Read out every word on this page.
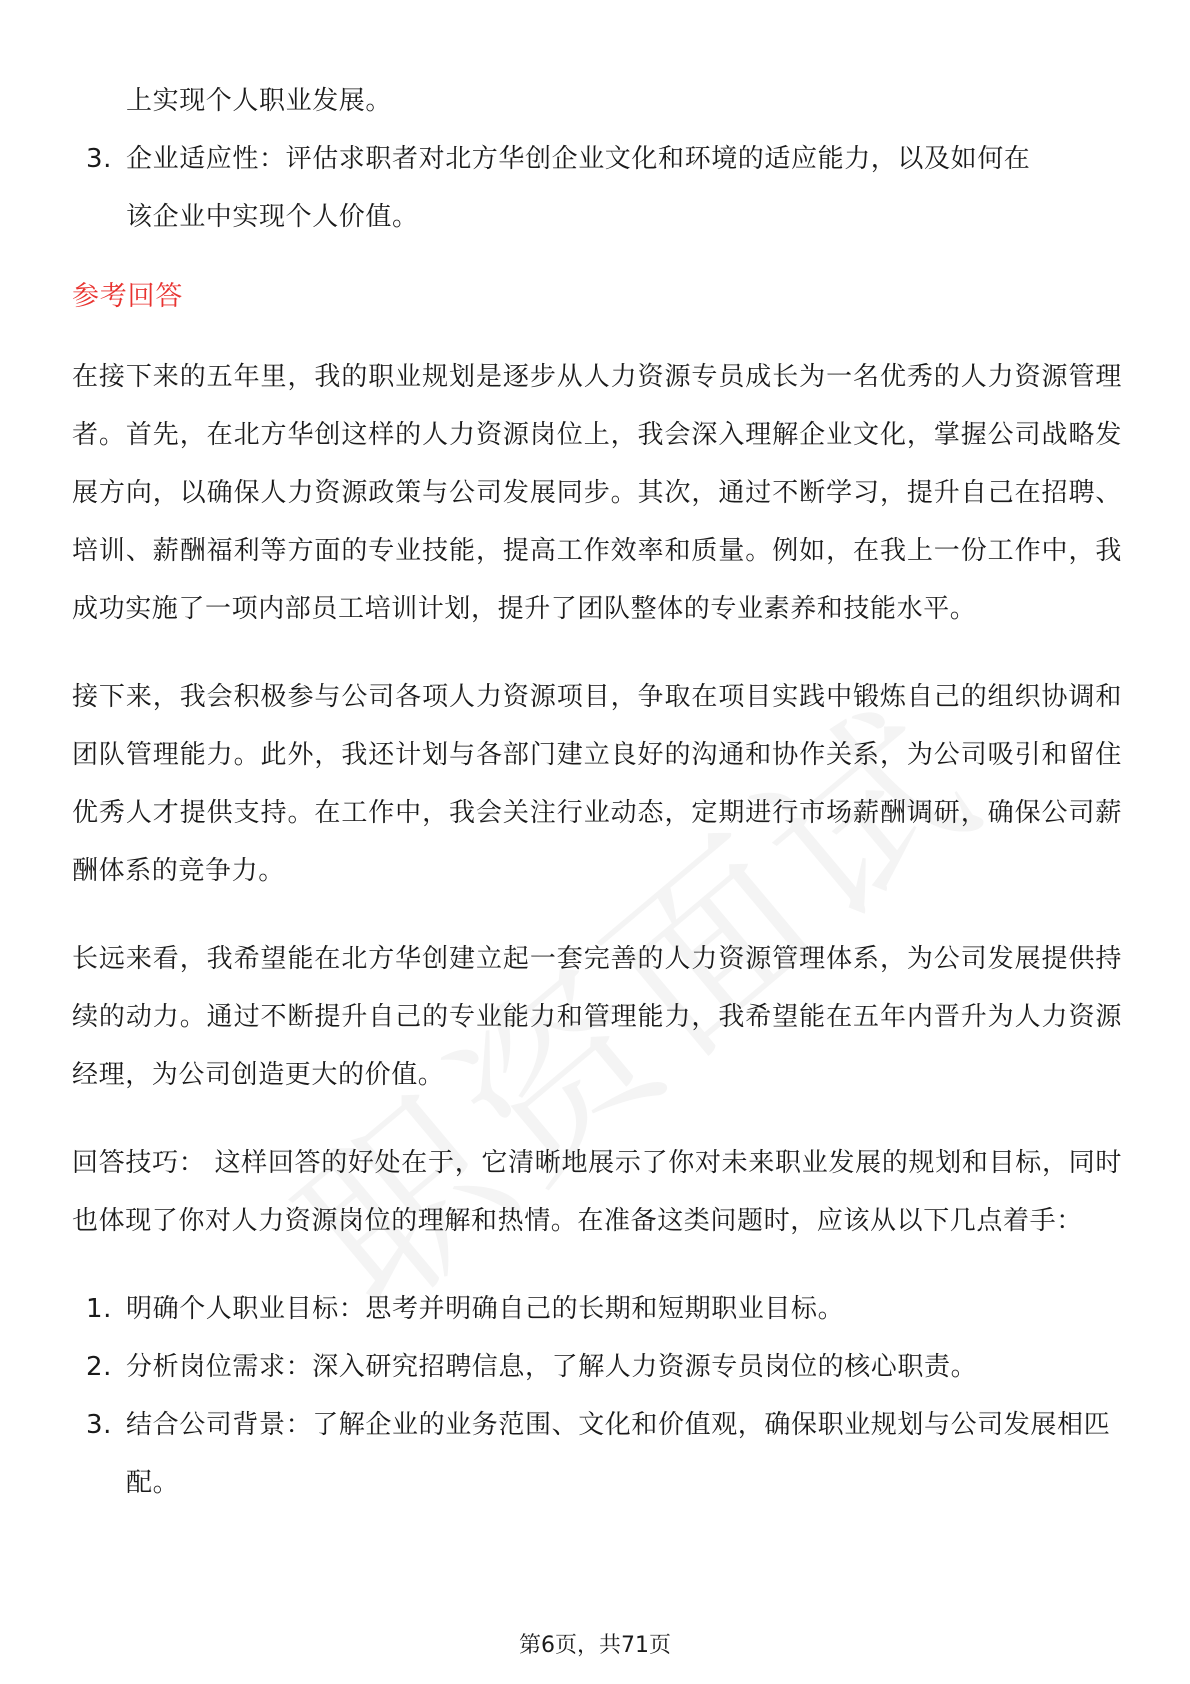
上实现个人职业发展。

3. 企业适应性：评估求职者对北方华创企业文化和环境的适应能力，以及如何在
该企业中实现个人价值。
参考回答

在接下来的五年里，我的职业规划是逐步从人力资源专员成长为一名优秀的人力资源管理者。首先，在北方华创这样的人力资源岗位上，我会深入理解企业文化，掌握公司战略发展方向，以确保人力资源政策与公司发展同步。其次，通过不断学习，提升自己在招聘、培训、薪酬福利等方面的专业技能，提高工作效率和质量。例如，在我上一份工作中，我成功实施了一项内部员工培训计划，提升了团队整体的专业素养和技能水平。

接下来，我会积极参与公司各项人力资源项目，争取在项目实践中锻炼自己的组织协调和团队管理能力。此外，我还计划与各部门建立良好的沟通和协作关系，为公司吸引和留住优秀人才提供支持。在工作中，我会关注行业动态，定期进行市场薪酬调研，确保公司薪酬体系的竞争力。

长远来看，我希望能在北方华创建立起一套完善的人力资源管理体系，为公司发展提供持续的动力。通过不断提升自己的专业能力和管理能力，我希望能在五年内晋升为人力资源经理，为公司创造更大的价值。

回答技巧： 这样回答的好处在于，它清晰地展示了你对未来职业发展的规划和目标，同时也体现了你对人力资源岗位的理解和热情。在准备这类问题时，应该从以下几点着手：

1. 明确个人职业目标：思考并明确自己的长期和短期职业目标。
2. 分析岗位需求：深入研究招聘信息，了解人力资源专员岗位的核心职责。
3. 结合公司背景：了解企业的业务范围、文化和价值观，确保职业规划与公司发展相匹配。
第6页，共71页
